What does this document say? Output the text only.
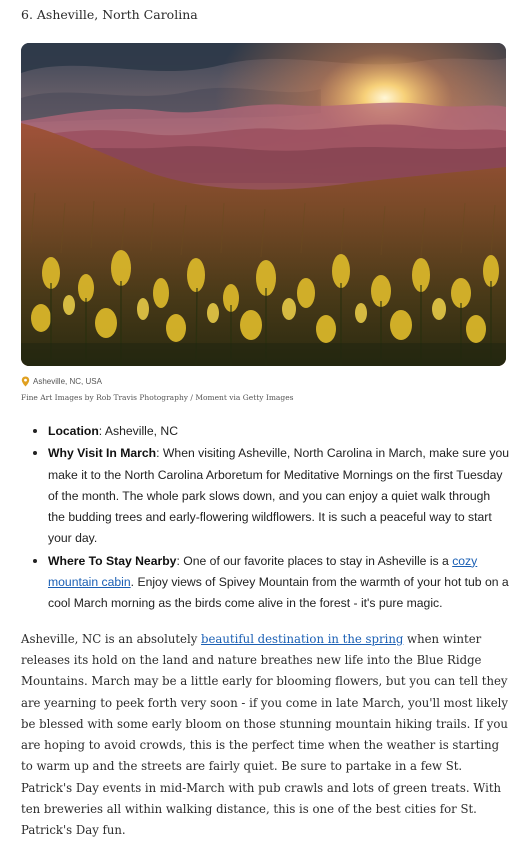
6. Asheville, North Carolina
Asheville, NC, USA
Fine Art Images by Rob Travis Photography / Moment via Getty Images
• Location: Asheville, NC
• Why Visit In March: When visiting Asheville, North Carolina in March, make sure you make it to the North Carolina Arboretum for Meditative Mornings on the first Tuesday of the month. The whole park slows down, and you can enjoy a quiet walk through the budding trees and early-flowering wildflowers. It is such a peaceful way to start your day.
• Where To Stay Nearby: One of our favorite places to stay in Asheville is a cozy mountain cabin. Enjoy views of Spivey Mountain from the warmth of your hot tub on a cool March morning as the birds come alive in the forest - it's pure magic.

Asheville, NC is an absolutely beautiful destination in the spring when winter releases its hold on the land and nature breathes new life into the Blue Ridge Mountains. March may be a little early for blooming flowers, but you can tell they are yearning to peek forth very soon - if you come in late March, you'll most likely be blessed with some early bloom on those stunning mountain hiking trails. If you are hoping to avoid crowds, this is the perfect time when the weather is starting to warm up and the streets are fairly quiet. Be sure to partake in a few St. Patrick's Day events in mid-March with pub crawls and lots of green treats. With ten breweries all within walking distance, this is one of the best cities for St. Patrick's Day fun.
